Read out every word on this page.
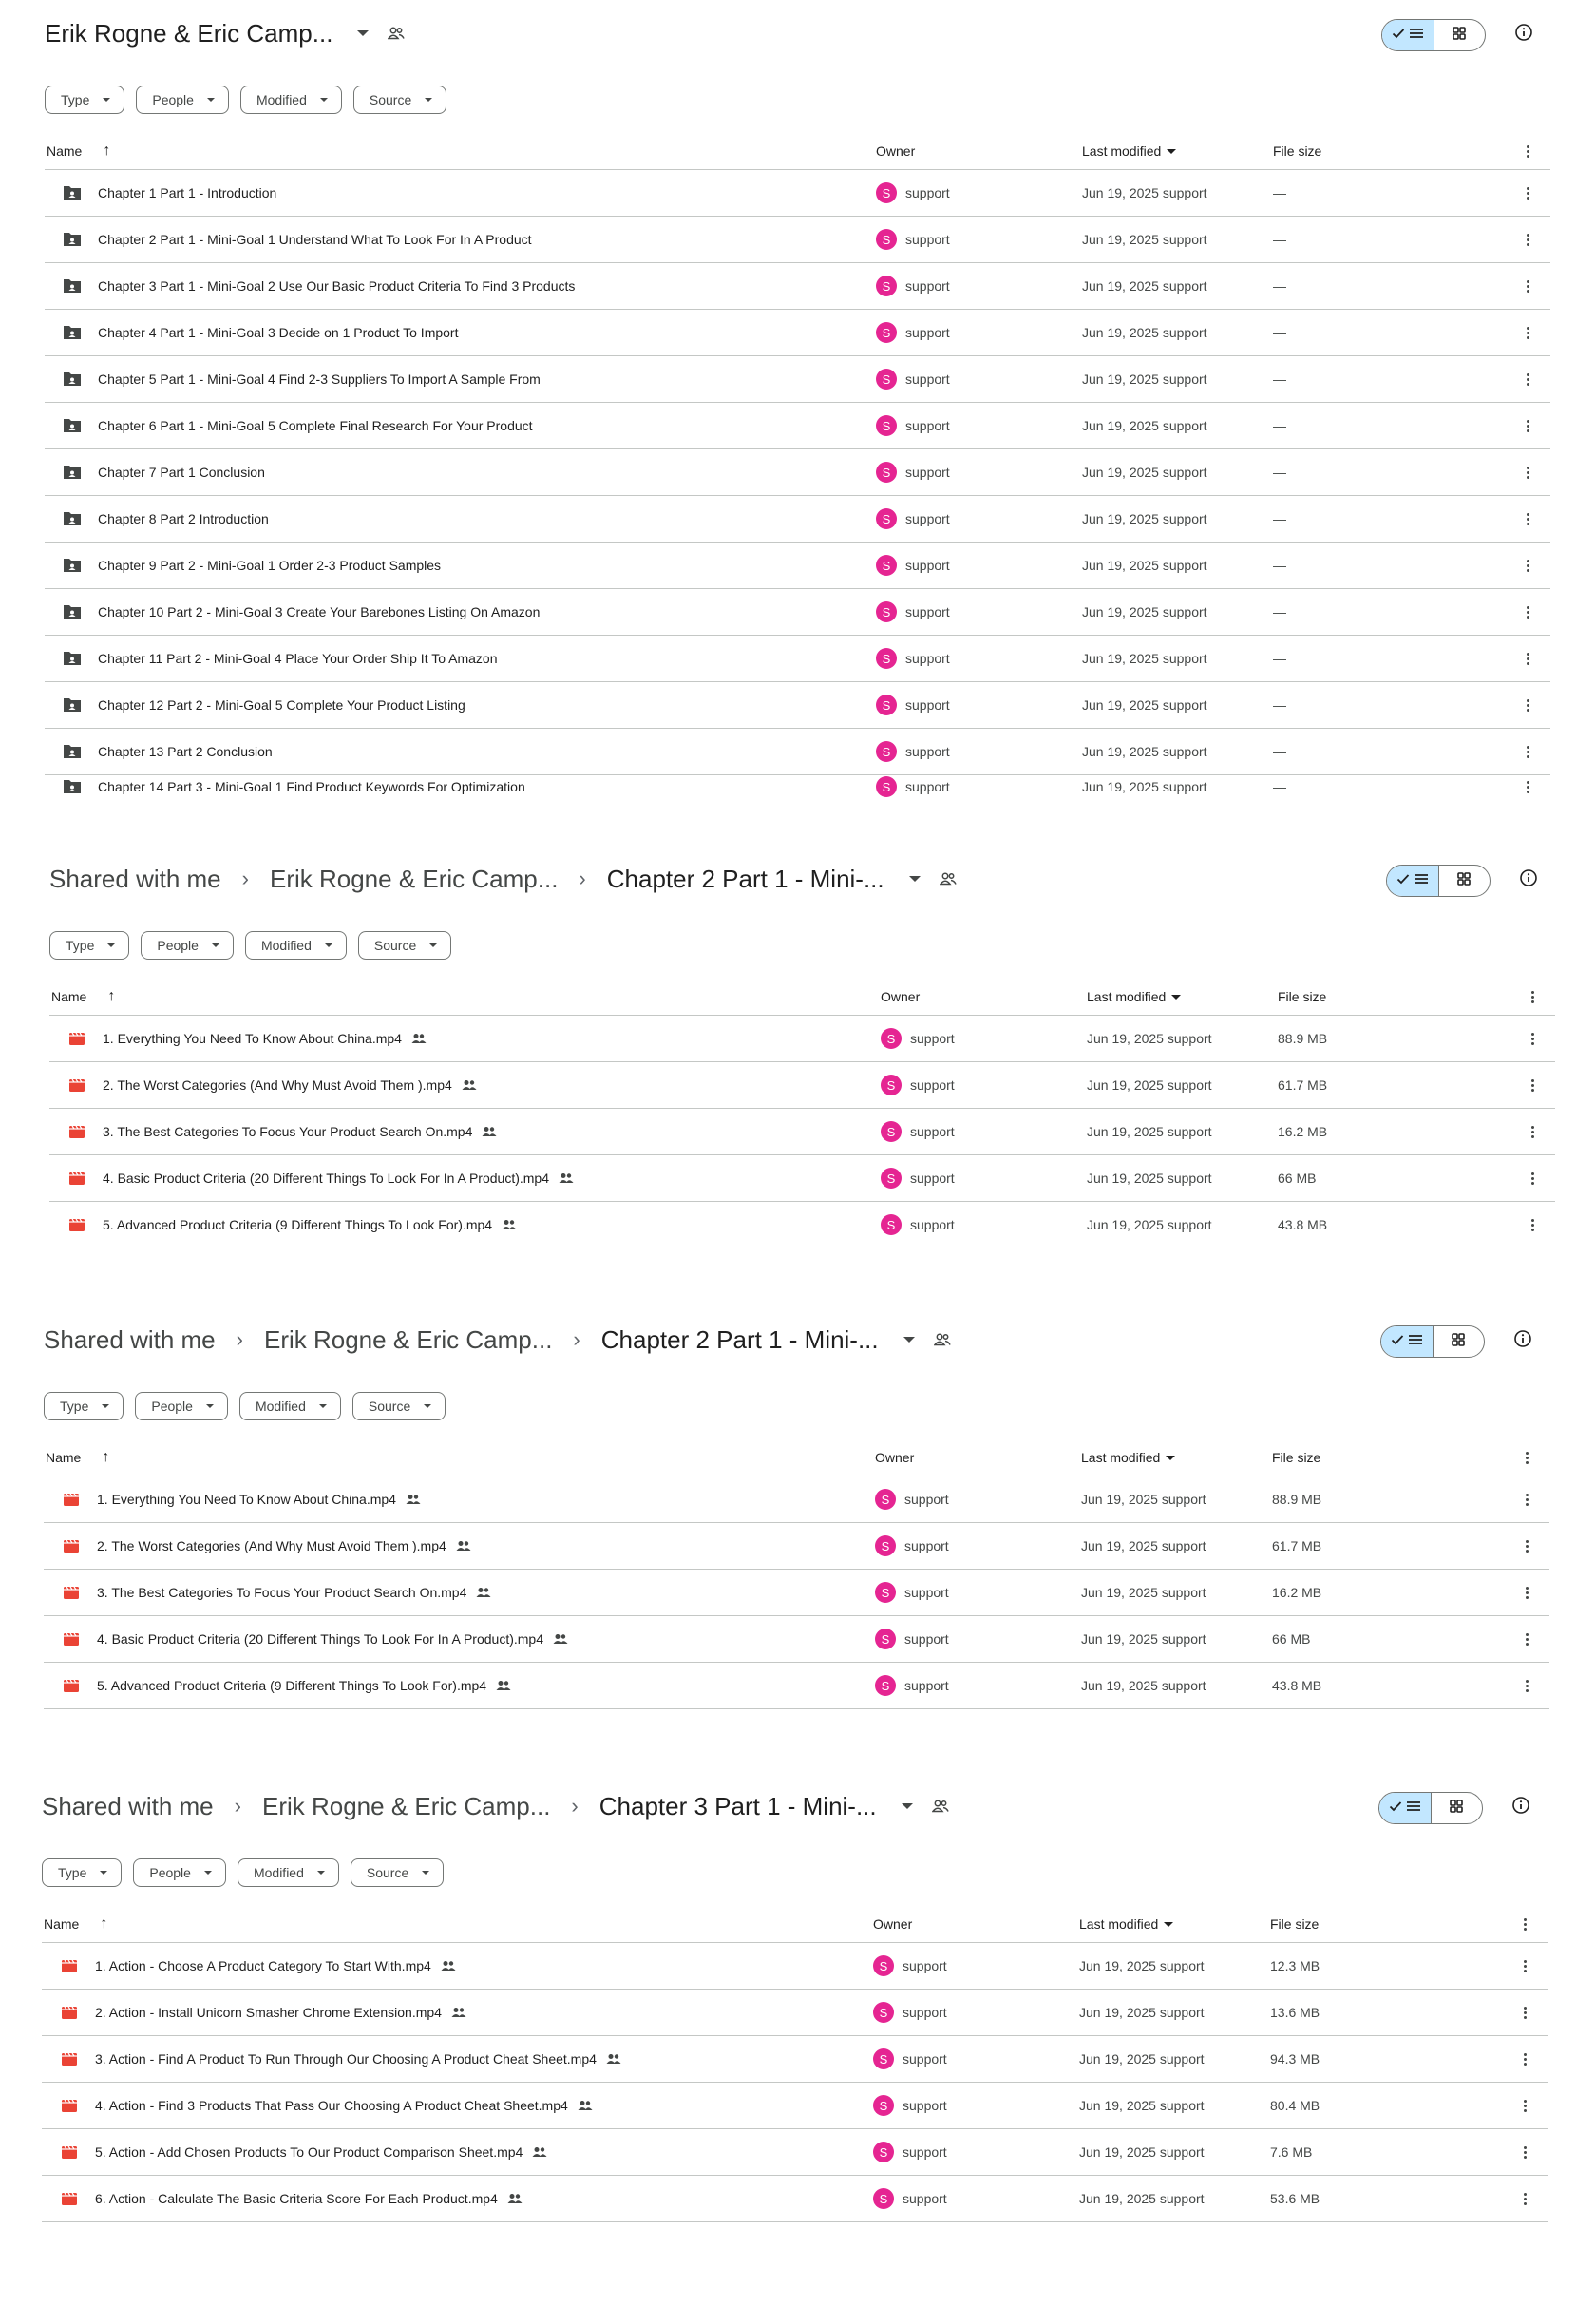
Erik Rogne & Eric Camp...
Type	People	Modified	Source
Name ↑	Owner	Last modified	File size
Chapter 1 Part 1 - Introduction	S	support	Jun 19, 2025 support	—
Chapter 2 Part 1 - Mini-Goal 1 Understand What To Look For In A Product	S	support	Jun 19, 2025 support	—
Chapter 3 Part 1 - Mini-Goal 2 Use Our Basic Product Criteria To Find 3 Products	S	support	Jun 19, 2025 support	—
Chapter 4 Part 1 - Mini-Goal 3 Decide on 1 Product To Import	S	support	Jun 19, 2025 support	—
Chapter 5 Part 1 - Mini-Goal 4 Find 2-3 Suppliers To Import A Sample From	S	support	Jun 19, 2025 support	—
Chapter 6 Part 1 - Mini-Goal 5 Complete Final Research For Your Product	S	support	Jun 19, 2025 support	—
Chapter 7 Part 1 Conclusion	S	support	Jun 19, 2025 support	—
Chapter 8 Part 2 Introduction	S	support	Jun 19, 2025 support	—
Chapter 9 Part 2 - Mini-Goal 1 Order 2-3 Product Samples	S	support	Jun 19, 2025 support	—
Chapter 10 Part 2 - Mini-Goal 3 Create Your Barebones Listing On Amazon	S	support	Jun 19, 2025 support	—
Chapter 11 Part 2 - Mini-Goal 4 Place Your Order Ship It To Amazon	S	support	Jun 19, 2025 support	—
Chapter 12 Part 2 - Mini-Goal 5 Complete Your Product Listing	S	support	Jun 19, 2025 support	—
Chapter 13 Part 2 Conclusion	S	support	Jun 19, 2025 support	—
Chapter 14 Part 3 - Mini-Goal 1 Find Product Keywords For Optimization	S	support	Jun 19, 2025 support	—
Shared with me › Erik Rogne & Eric Camp... › Chapter 2 Part 1 - Mini-...
Type	People	Modified	Source
Name ↑	Owner	Last modified	File size
1. Everything You Need To Know About China.mp4	S	support	Jun 19, 2025 support	88.9 MB
2. The Worst Categories (And Why Must Avoid Them ).mp4	S	support	Jun 19, 2025 support	61.7 MB
3. The Best Categories To Focus Your Product Search On.mp4	S	support	Jun 19, 2025 support	16.2 MB
4. Basic Product Criteria (20 Different Things To Look For In A Product).mp4	S	support	Jun 19, 2025 support	66 MB
5. Advanced Product Criteria (9 Different Things To Look For).mp4	S	support	Jun 19, 2025 support	43.8 MB
Shared with me › Erik Rogne & Eric Camp... › Chapter 2 Part 1 - Mini-...
Type	People	Modified	Source
Name ↑	Owner	Last modified	File size
1. Everything You Need To Know About China.mp4	S	support	Jun 19, 2025 support	88.9 MB
2. The Worst Categories (And Why Must Avoid Them ).mp4	S	support	Jun 19, 2025 support	61.7 MB
3. The Best Categories To Focus Your Product Search On.mp4	S	support	Jun 19, 2025 support	16.2 MB
4. Basic Product Criteria (20 Different Things To Look For In A Product).mp4	S	support	Jun 19, 2025 support	66 MB
5. Advanced Product Criteria (9 Different Things To Look For).mp4	S	support	Jun 19, 2025 support	43.8 MB
Shared with me › Erik Rogne & Eric Camp... › Chapter 3 Part 1 - Mini-...
Type	People	Modified	Source
Name ↑	Owner	Last modified	File size
1. Action - Choose A Product Category To Start With.mp4	S	support	Jun 19, 2025 support	12.3 MB
2. Action - Install Unicorn Smasher Chrome Extension.mp4	S	support	Jun 19, 2025 support	13.6 MB
3. Action - Find A Product To Run Through Our Choosing A Product Cheat Sheet.mp4	S	support	Jun 19, 2025 support	94.3 MB
4. Action - Find 3 Products That Pass Our Choosing A Product Cheat Sheet.mp4	S	support	Jun 19, 2025 support	80.4 MB
5. Action - Add Chosen Products To Our Product Comparison Sheet.mp4	S	support	Jun 19, 2025 support	7.6 MB
6. Action - Calculate The Basic Criteria Score For Each Product.mp4	S	support	Jun 19, 2025 support	53.6 MB
